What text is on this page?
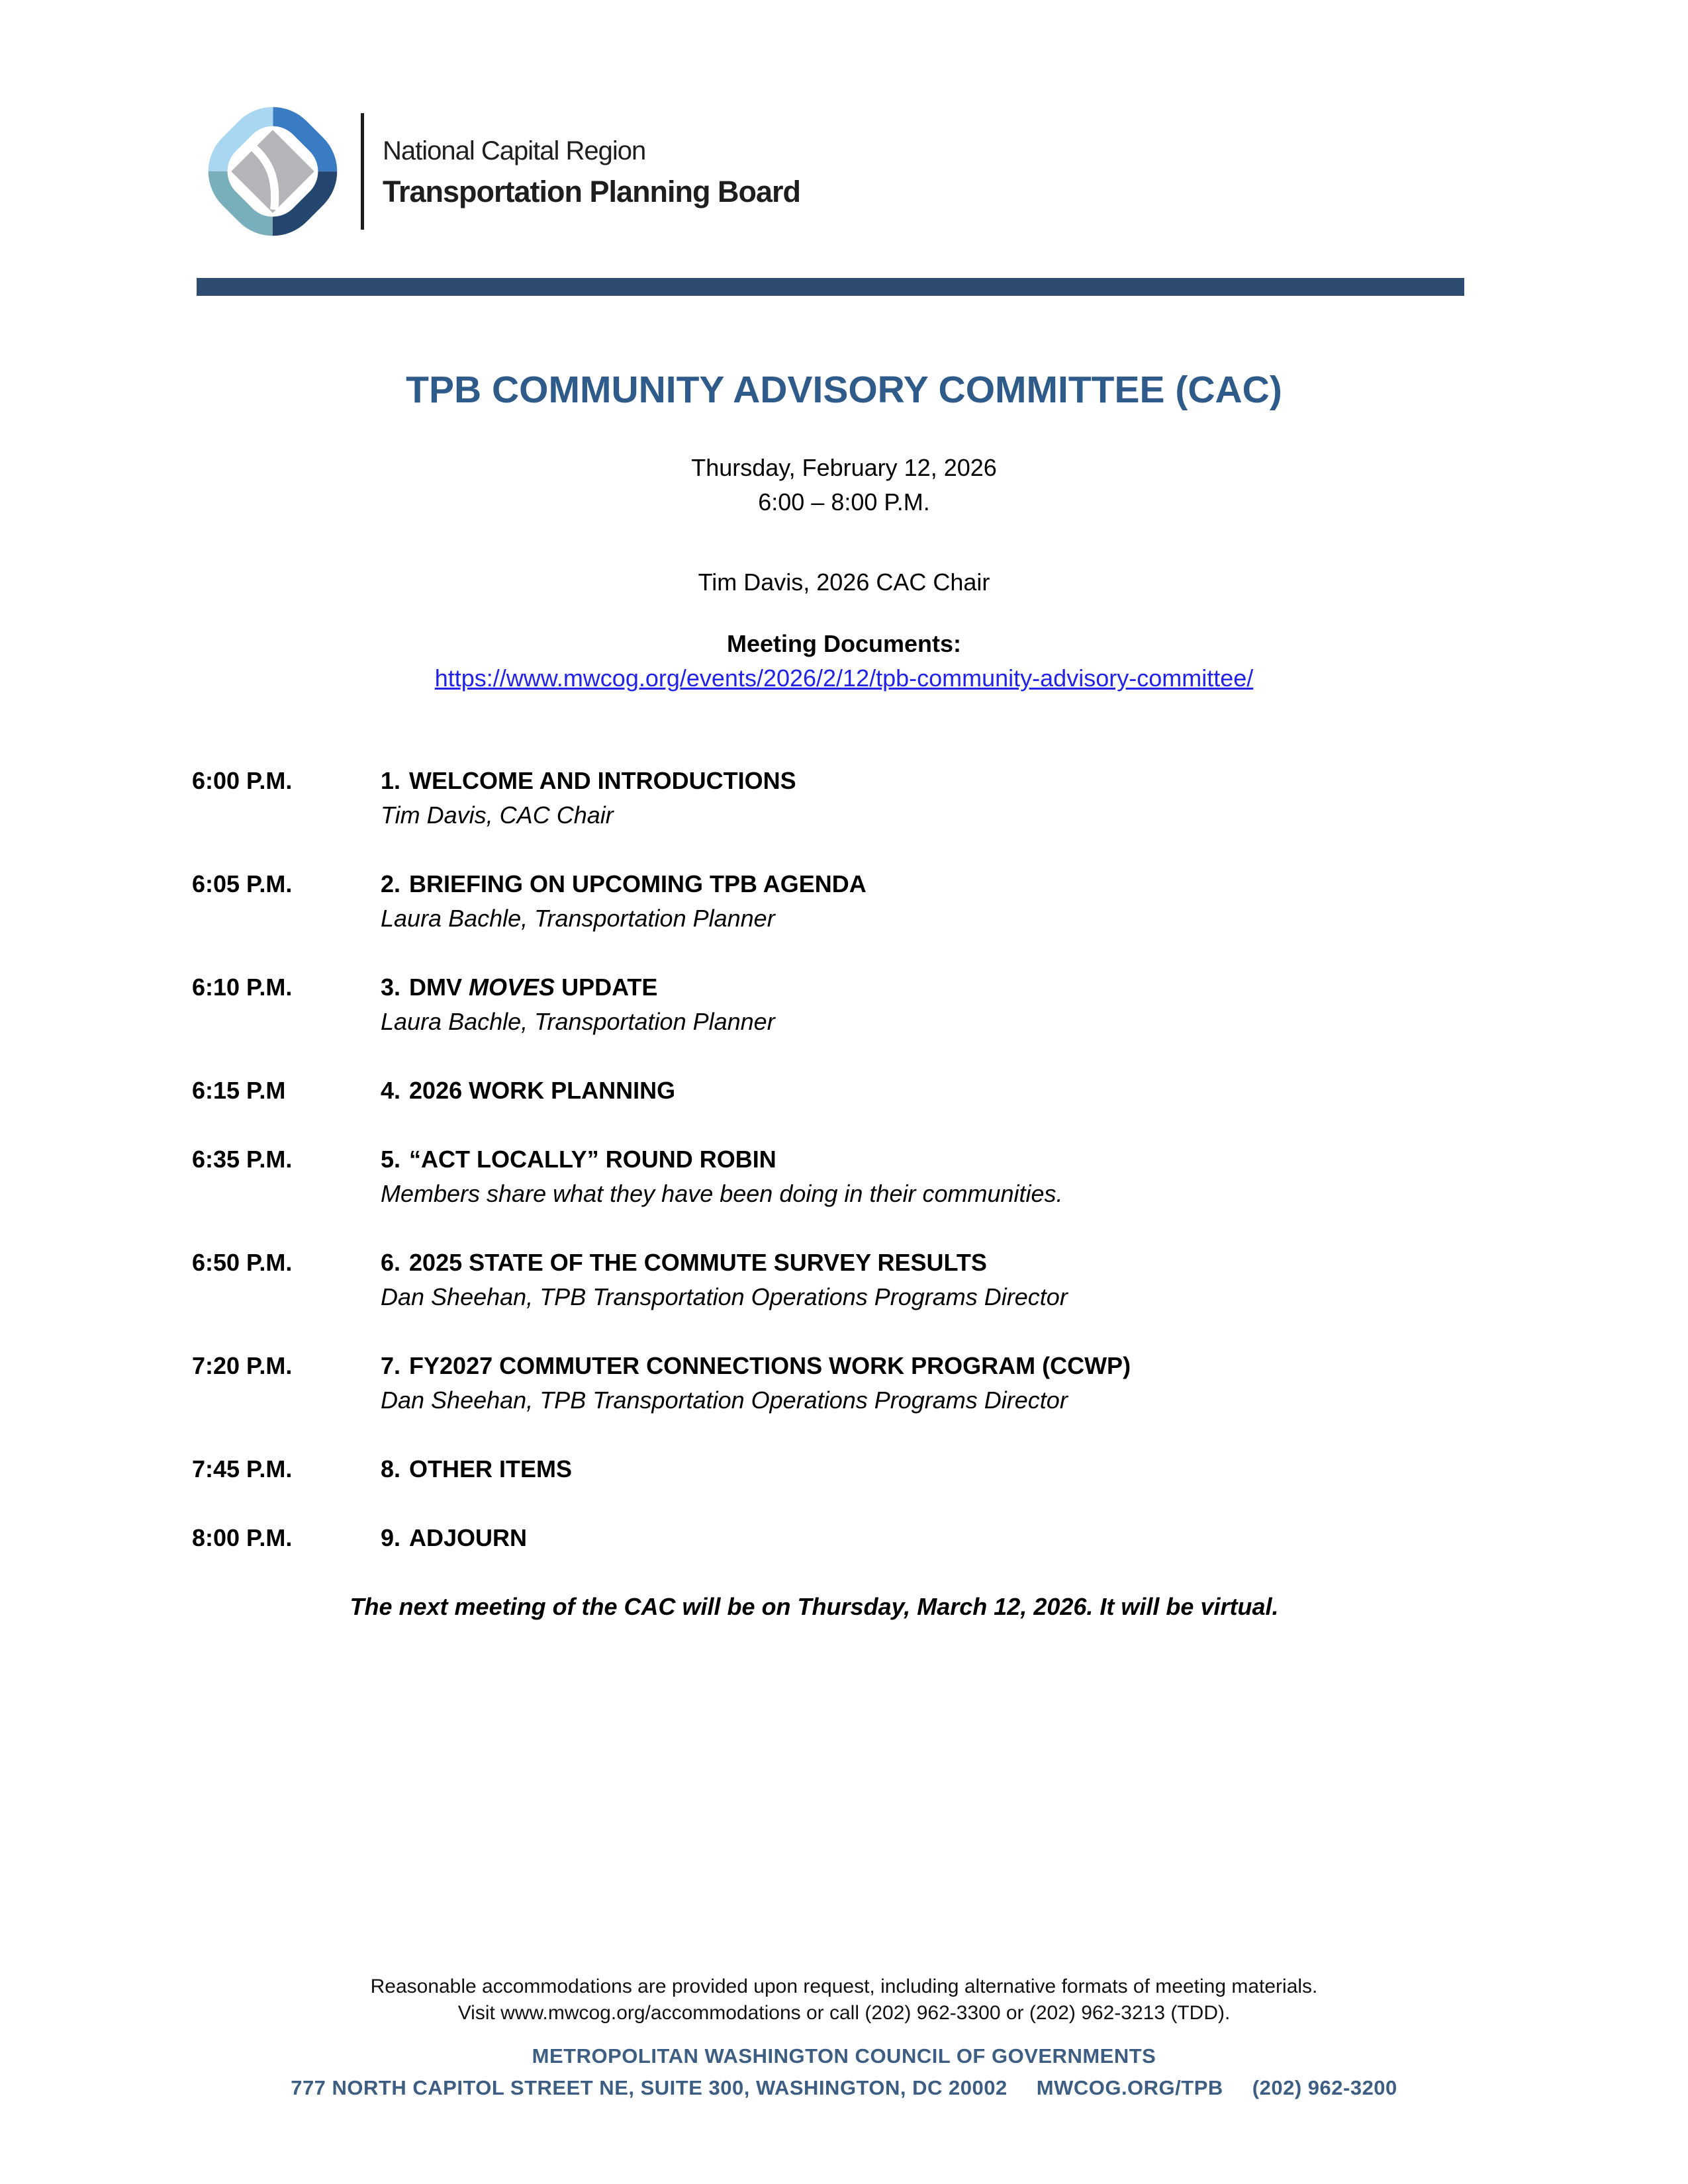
National Capital Region
Transportation Planning Board
TPB COMMUNITY ADVISORY COMMITTEE (CAC)
Thursday, February 12, 2026
6:00 – 8:00 P.M.
Tim Davis, 2026 CAC Chair
Meeting Documents:
https://www.mwcog.org/events/2026/2/12/tpb-community-advisory-committee/
6:00 P.M.	1. WELCOME AND INTRODUCTIONS
Tim Davis, CAC Chair
6:05 P.M.	2. BRIEFING ON UPCOMING TPB AGENDA
Laura Bachle, Transportation Planner
6:10 P.M.	3. DMV MOVES UPDATE
Laura Bachle, Transportation Planner
6:15 P.M	4. 2026 WORK PLANNING
6:35 P.M.	5. “ACT LOCALLY” ROUND ROBIN
Members share what they have been doing in their communities.
6:50 P.M.	6. 2025 STATE OF THE COMMUTE SURVEY RESULTS
Dan Sheehan, TPB Transportation Operations Programs Director
7:20 P.M.	7. FY2027 COMMUTER CONNECTIONS WORK PROGRAM (CCWP)
Dan Sheehan, TPB Transportation Operations Programs Director
7:45 P.M.	8. OTHER ITEMS
8:00 P.M.	9. ADJOURN
The next meeting of the CAC will be on Thursday, March 12, 2026. It will be virtual.
Reasonable accommodations are provided upon request, including alternative formats of meeting materials.
Visit www.mwcog.org/accommodations or call (202) 962-3300 or (202) 962-3213 (TDD).
METROPOLITAN WASHINGTON COUNCIL OF GOVERNMENTS
777 NORTH CAPITOL STREET NE, SUITE 300, WASHINGTON, DC 20002 MWCOG.ORG/TPB (202) 962-3200
